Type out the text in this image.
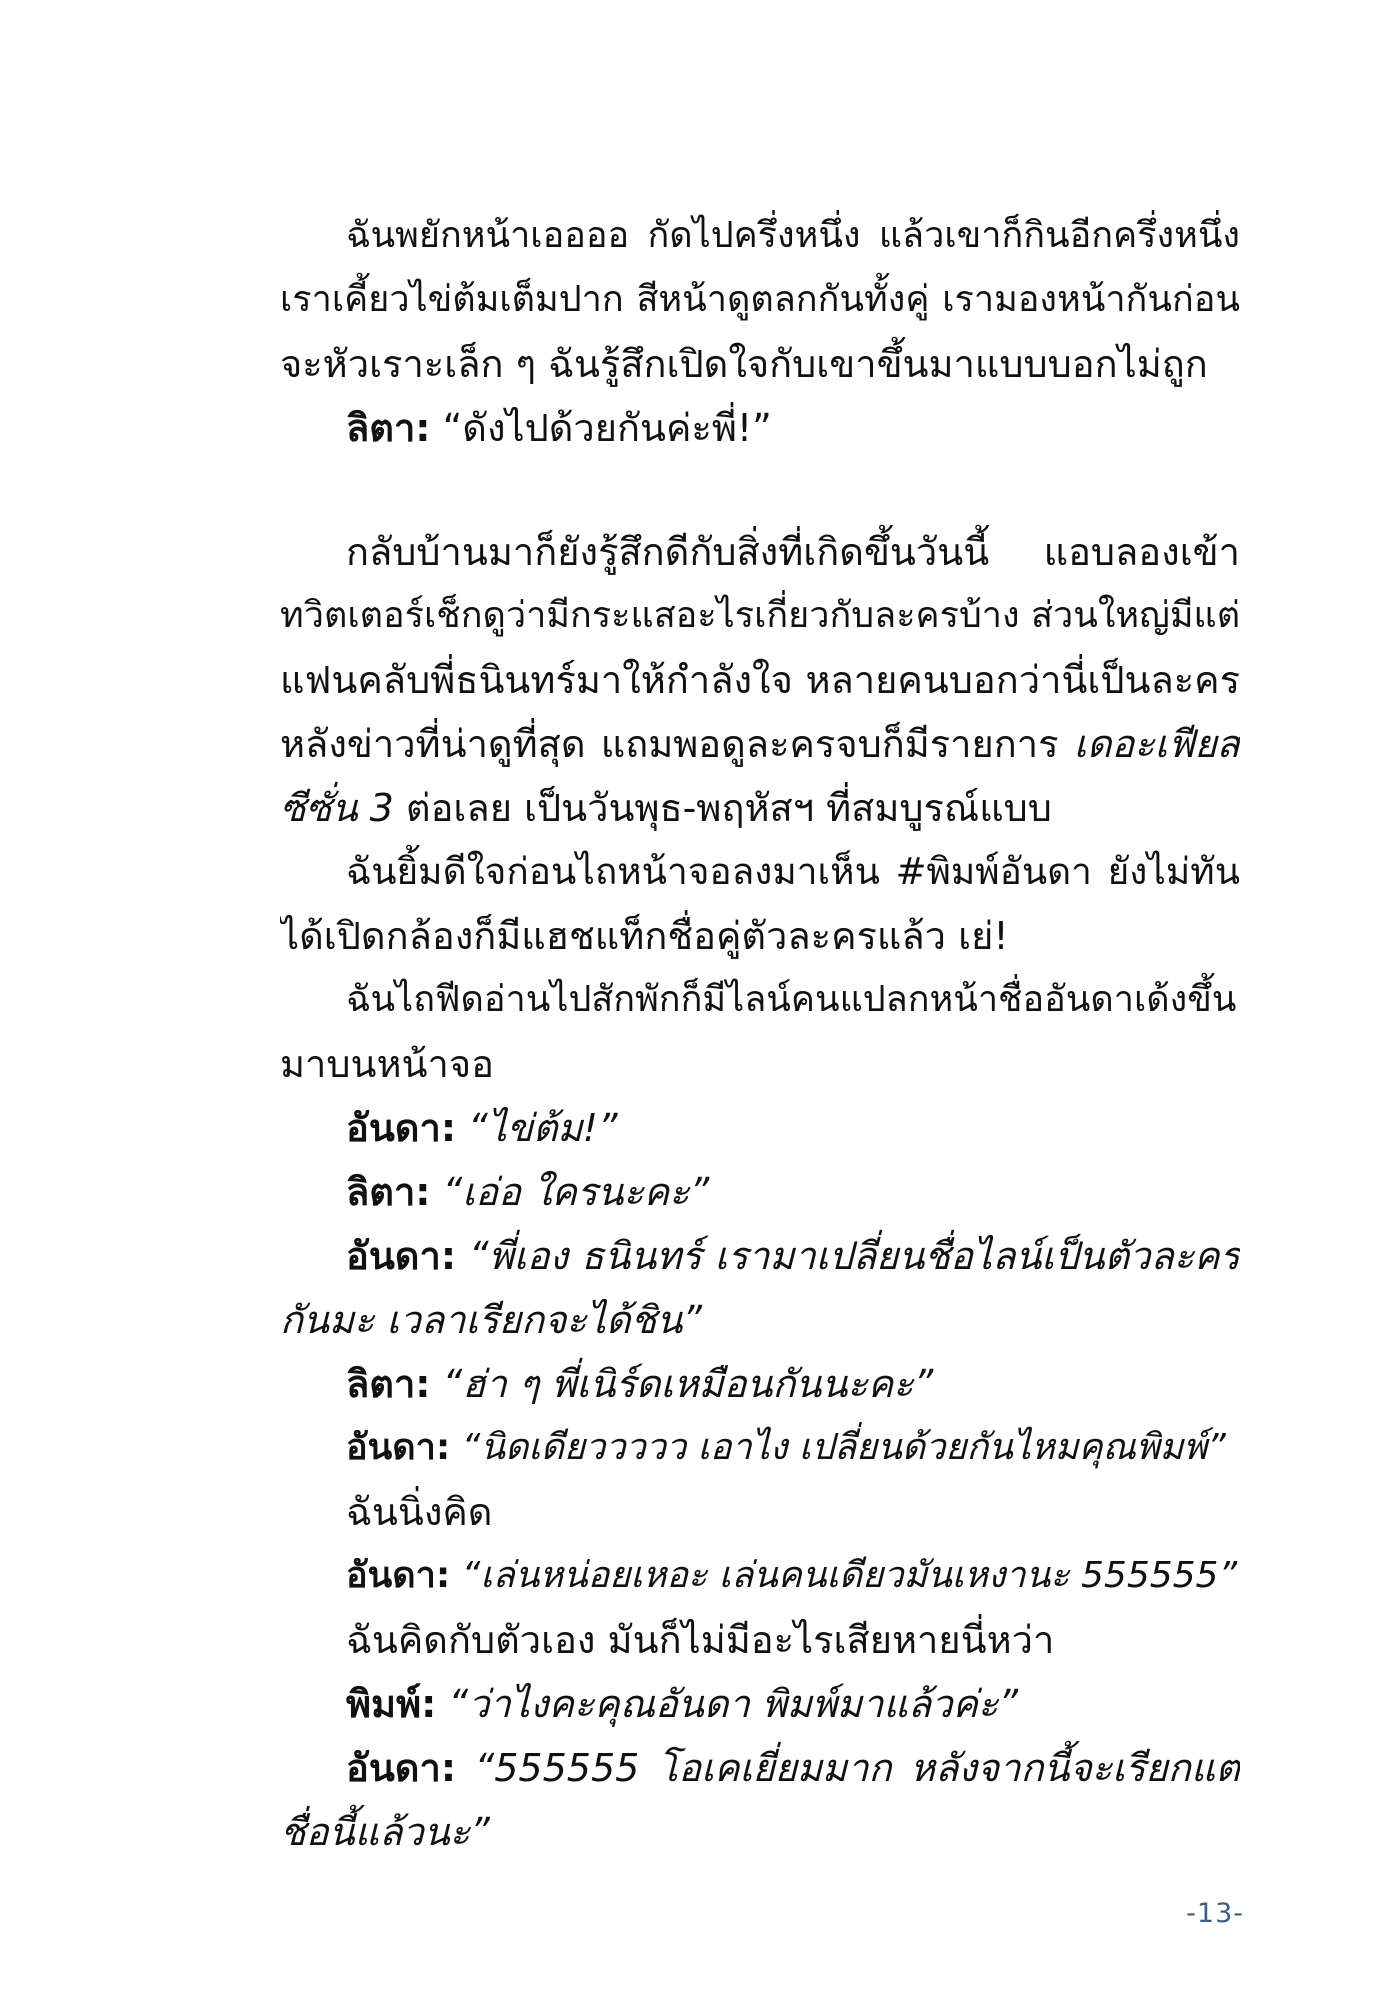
ฉันพยักหน้าเออออ กัดไปครึ่งหนึ่ง แล้วเขาก็กินอีกครึ่งหนึ่ง
เราเคี้ยวไข่ต้มเต็มปาก สีหน้าดูตลกกันทั้งคู่ เรามองหน้ากันก่อน
จะหัวเราะเล็ก ๆ ฉันรู้สึกเปิดใจกับเขาขึ้นมาแบบบอกไม่ถูก
ลิตา: “ดังไปด้วยกันค่ะพี่!”
กลับบ้านมาก็ยังรู้สึกดีกับสิ่งที่เกิดขึ้นวันนี้ แอบลองเข้า
ทวิตเตอร์เช็กดูว่ามีกระแสอะไรเกี่ยวกับละครบ้าง ส่วนใหญ่มีแต่
แฟนคลับพี่ธนินทร์มาให้กำลังใจ หลายคนบอกว่านี่เป็นละคร
หลังข่าวที่น่าดูที่สุด แถมพอดูละครจบก็มีรายการ เดอะเฟียส
ซีซั่น 3 ต่อเลย เป็นวันพุธ-พฤหัสฯ ที่สมบูรณ์แบบ
ฉันยิ้มดีใจก่อนไถหน้าจอลงมาเห็น #พิมพ์อันดา ยังไม่ทัน
ได้เปิดกล้องก็มีแฮชแท็กชื่อคู่ตัวละครแล้ว เย่!
ฉันไถฟีดอ่านไปสักพักก็มีไลน์คนแปลกหน้าชื่ออันดาเด้งขึ้น
มาบนหน้าจอ
อันดา: “ไข่ต้ม!”
ลิตา: “เอ่อ ใครนะคะ”
อันดา: “พี่เอง ธนินทร์ เรามาเปลี่ยนชื่อไลน์เป็นตัวละคร
กันมะ เวลาเรียกจะได้ชิน”
ลิตา: “ฮ่า ๆ พี่เนิร์ดเหมือนกันนะคะ”
อันดา: “นิดเดียววววว เอาไง เปลี่ยนด้วยกันไหมคุณพิมพ์”
ฉันนิ่งคิด
อันดา: “เล่นหน่อยเหอะ เล่นคนเดียวมันเหงานะ 555555”
ฉันคิดกับตัวเอง มันก็ไม่มีอะไรเสียหายนี่หว่า
พิมพ์: “ว่าไงคะคุณอันดา พิมพ์มาแล้วค่ะ”
อันดา: “555555 โอเคเยี่ยมมาก หลังจากนี้จะเรียกแต่
ชื่อนี้แล้วนะ”
-13-
